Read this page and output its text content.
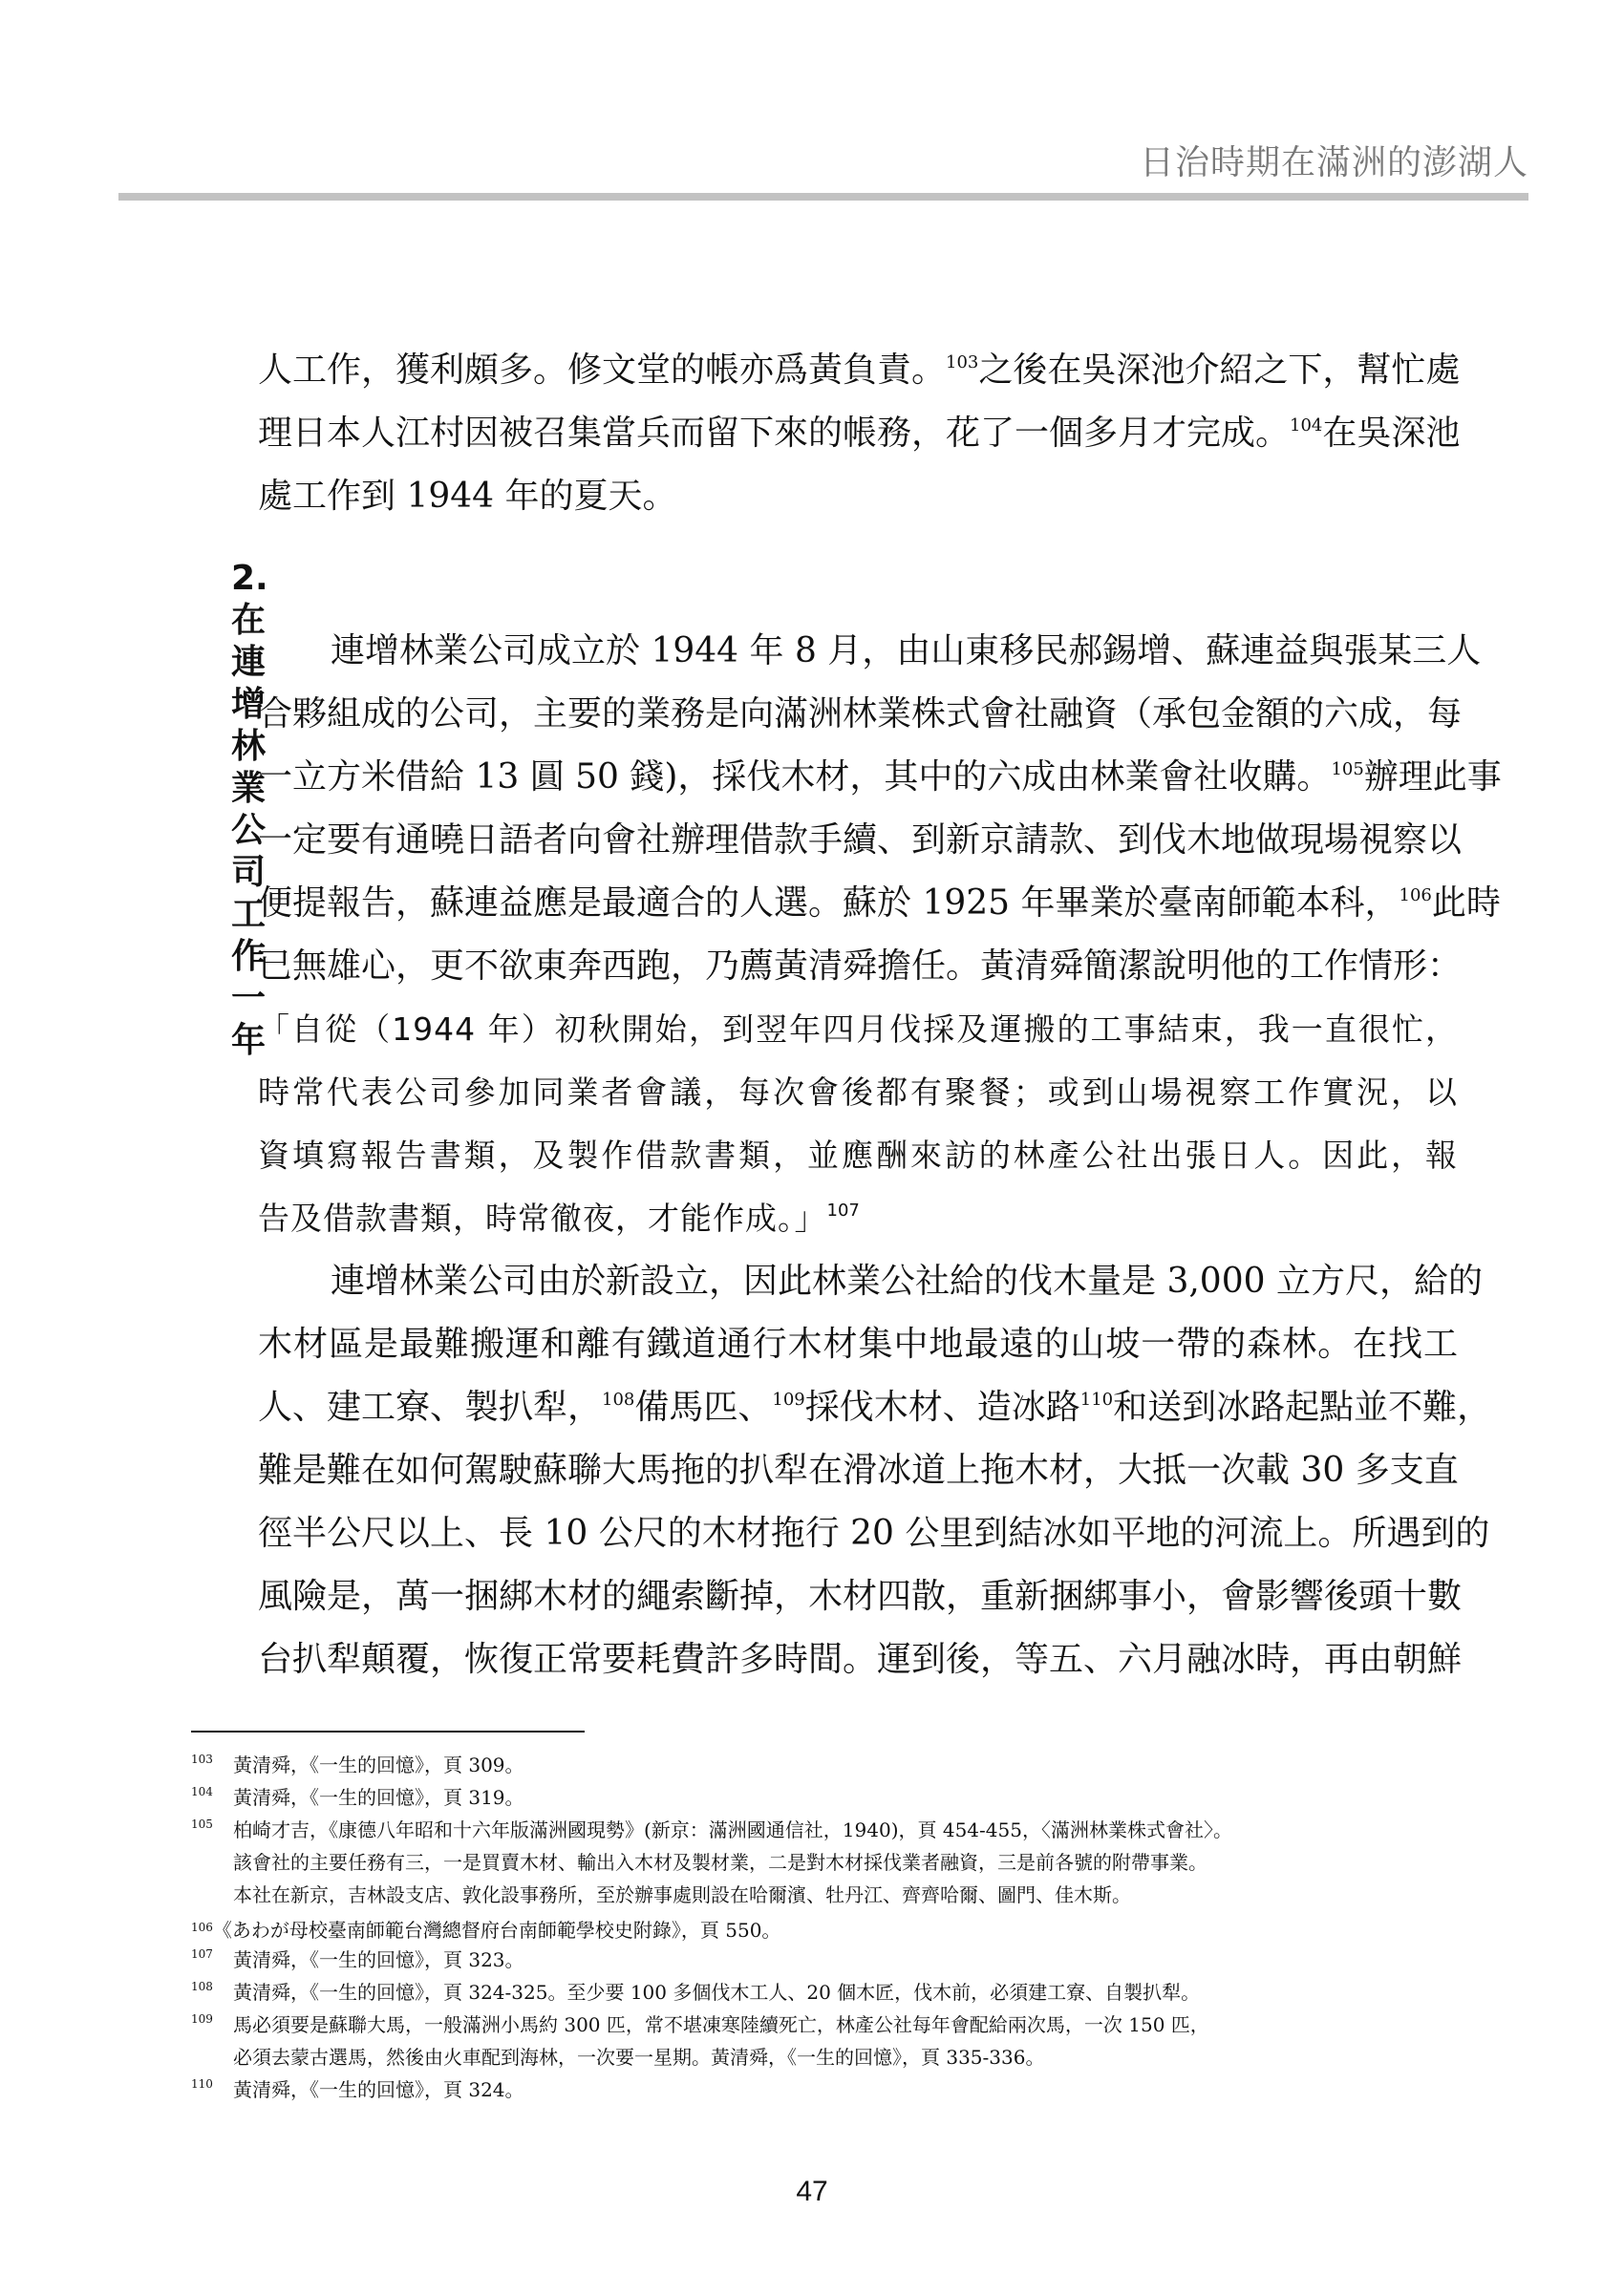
日治時期在滿洲的澎湖人
人工作，獲利頗多。修文堂的帳亦爲黃負責。$^{103}$之後在吳深池介紹之下，幫忙處
理日本人江村因被召集當兵而留下來的帳務，花了一個多月才完成。$^{104}$在吳深池
處工作到 1944 年的夏天。
2. 在連增林業公司工作一年
連增林業公司成立於 1944 年 8 月，由山東移民郝錫增、蘇連益與張某三人
合夥組成的公司，主要的業務是向滿洲林業株式會社融資（承包金額的六成，每
一立方米借給 13 圓 50 錢)，採伐木材，其中的六成由林業會社收購。$^{105}$辦理此事
一定要有通曉日語者向會社辦理借款手續、到新京請款、到伐木地做現場視察以
便提報告，蘇連益應是最適合的人選。蘇於 1925 年畢業於臺南師範本科，$^{106}$此時
已無雄心，更不欲東奔西跑，乃薦黃清舜擔任。黃清舜簡潔說明他的工作情形：
「自從（1944 年）初秋開始，到翌年四月伐採及運搬的工事結束，我一直很忙，
時常代表公司參加同業者會議，每次會後都有聚餐；或到山場視察工作實況，以
資填寫報告書類，及製作借款書類，並應酬來訪的林產公社出張日人。因此，報
告及借款書類，時常徹夜，才能作成。」$^{107}$
連增林業公司由於新設立，因此林業公社給的伐木量是 3,000 立方尺，給的
木材區是最難搬運和離有鐵道通行木材集中地最遠的山坡一帶的森林。在找工
人、建工寮、製扒犁，$^{108}$備馬匹、$^{109}$採伐木材、造冰路$^{110}$和送到冰路起點並不難，
難是難在如何駕駛蘇聯大馬拖的扒犁在滑冰道上拖木材，大抵一次載 30 多支直
徑半公尺以上、長 10 公尺的木材拖行 20 公里到結冰如平地的河流上。所遇到的
風險是，萬一捆綁木材的繩索斷掉，木材四散，重新捆綁事小，會影響後頭十數
台扒犁顛覆，恢復正常要耗費許多時間。運到後，等五、六月融冰時，再由朝鮮
103 黃清舜，《一生的回憶》，頁 309。
104 黃清舜，《一生的回憶》，頁 319。
105 柏崎才吉，《康德八年昭和十六年版滿洲國現勢》(新京：滿洲國通信社，1940)，頁 454-455，〈滿洲林業株式會社〉。
該會社的主要任務有三，一是買賣木材、輸出入木材及製材業，二是對木材採伐業者融資，三是前各號的附帶事業。
本社在新京，吉林設支店、敦化設事務所，至於辦事處則設在哈爾濱、牡丹江、齊齊哈爾、圖門、佳木斯。
$^{106}$《あわが母校臺南師範台灣總督府台南師範學校史附錄》，頁 550。
107 黃清舜，《一生的回憶》，頁 323。
108 黃清舜，《一生的回憶》，頁 324-325。至少要 100 多個伐木工人、20 個木匠，伐木前，必須建工寮、自製扒犁。
109 馬必須要是蘇聯大馬，一般滿洲小馬約 300 匹，常不堪凍寒陸續死亡，林產公社每年會配給兩次馬，一次 150 匹，
必須去蒙古選馬，然後由火車配到海林，一次要一星期。黃清舜，《一生的回憶》，頁 335-336。
110 黃清舜，《一生的回憶》，頁 324。
47
